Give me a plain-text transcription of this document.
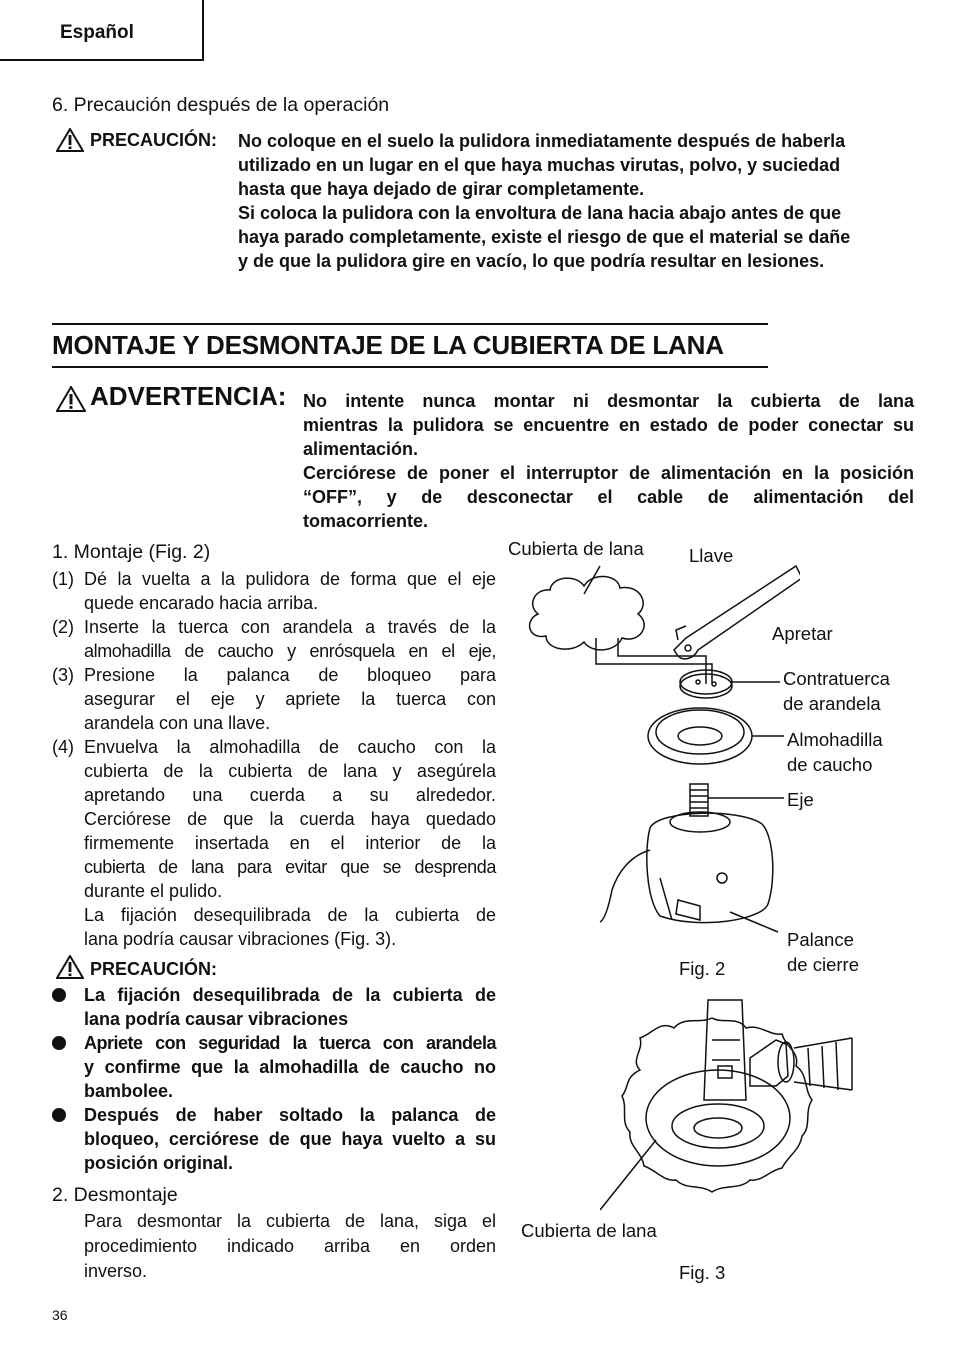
Español
6. Precaución después de la operación
PRECAUCIÓN: No coloque en el suelo la pulidora inmediatamente después de haberla
utilizado en un lugar en el que haya muchas virutas, polvo, y suciedad
hasta que haya dejado de girar completamente.
Si coloca la pulidora con la envoltura de lana hacia abajo antes de que
haya parado completamente, existe el riesgo de que el material se dañe
y de que la pulidora gire en vacío, lo que podría resultar en lesiones.
MONTAJE Y DESMONTAJE DE LA CUBIERTA DE LANA
ADVERTENCIA: No intente nunca montar ni desmontar la cubierta de lana
mientras la pulidora se encuentre en estado de poder conectar su
alimentación.
Cerciórese de poner el interruptor de alimentación en la posición
“OFF”, y de desconectar el cable de alimentación del
tomacorriente.
1. Montaje (Fig. 2)
(1) Dé la vuelta a la pulidora de forma que el eje
quede encarado hacia arriba.
(2) Inserte la tuerca con arandela a través de la
almohadilla de caucho y enrósquela en el eje,
(3) Presione la palanca de bloqueo para
asegurar el eje y apriete la tuerca con
arandela con una llave.
(4) Envuelva la almohadilla de caucho con la
cubierta de la cubierta de lana y asegúrela
apretando una cuerda a su alrededor.
Cerciórese de que la cuerda haya quedado
firmemente insertada en el interior de la
cubierta de lana para evitar que se desprenda
durante el pulido.
La fijación desequilibrada de la cubierta de
lana podría causar vibraciones (Fig. 3).
PRECAUCIÓN:
La fijación desequilibrada de la cubierta de
lana podría causar vibraciones
Apriete con seguridad la tuerca con arandela
y confirme que la almohadilla de caucho no
bambolee.
Después de haber soltado la palanca de
bloqueo, cerciórese de que haya vuelto a su
posición original.
2. Desmontaje
Para desmontar la cubierta de lana, siga el
procedimiento indicado arriba en orden
inverso.
Cubierta de lana Llave
Apretar
Contratuerca
de arandela
Almohadilla
de caucho
Eje
Palance
de cierre
Fig. 2
Cubierta de lana
Fig. 3
36
